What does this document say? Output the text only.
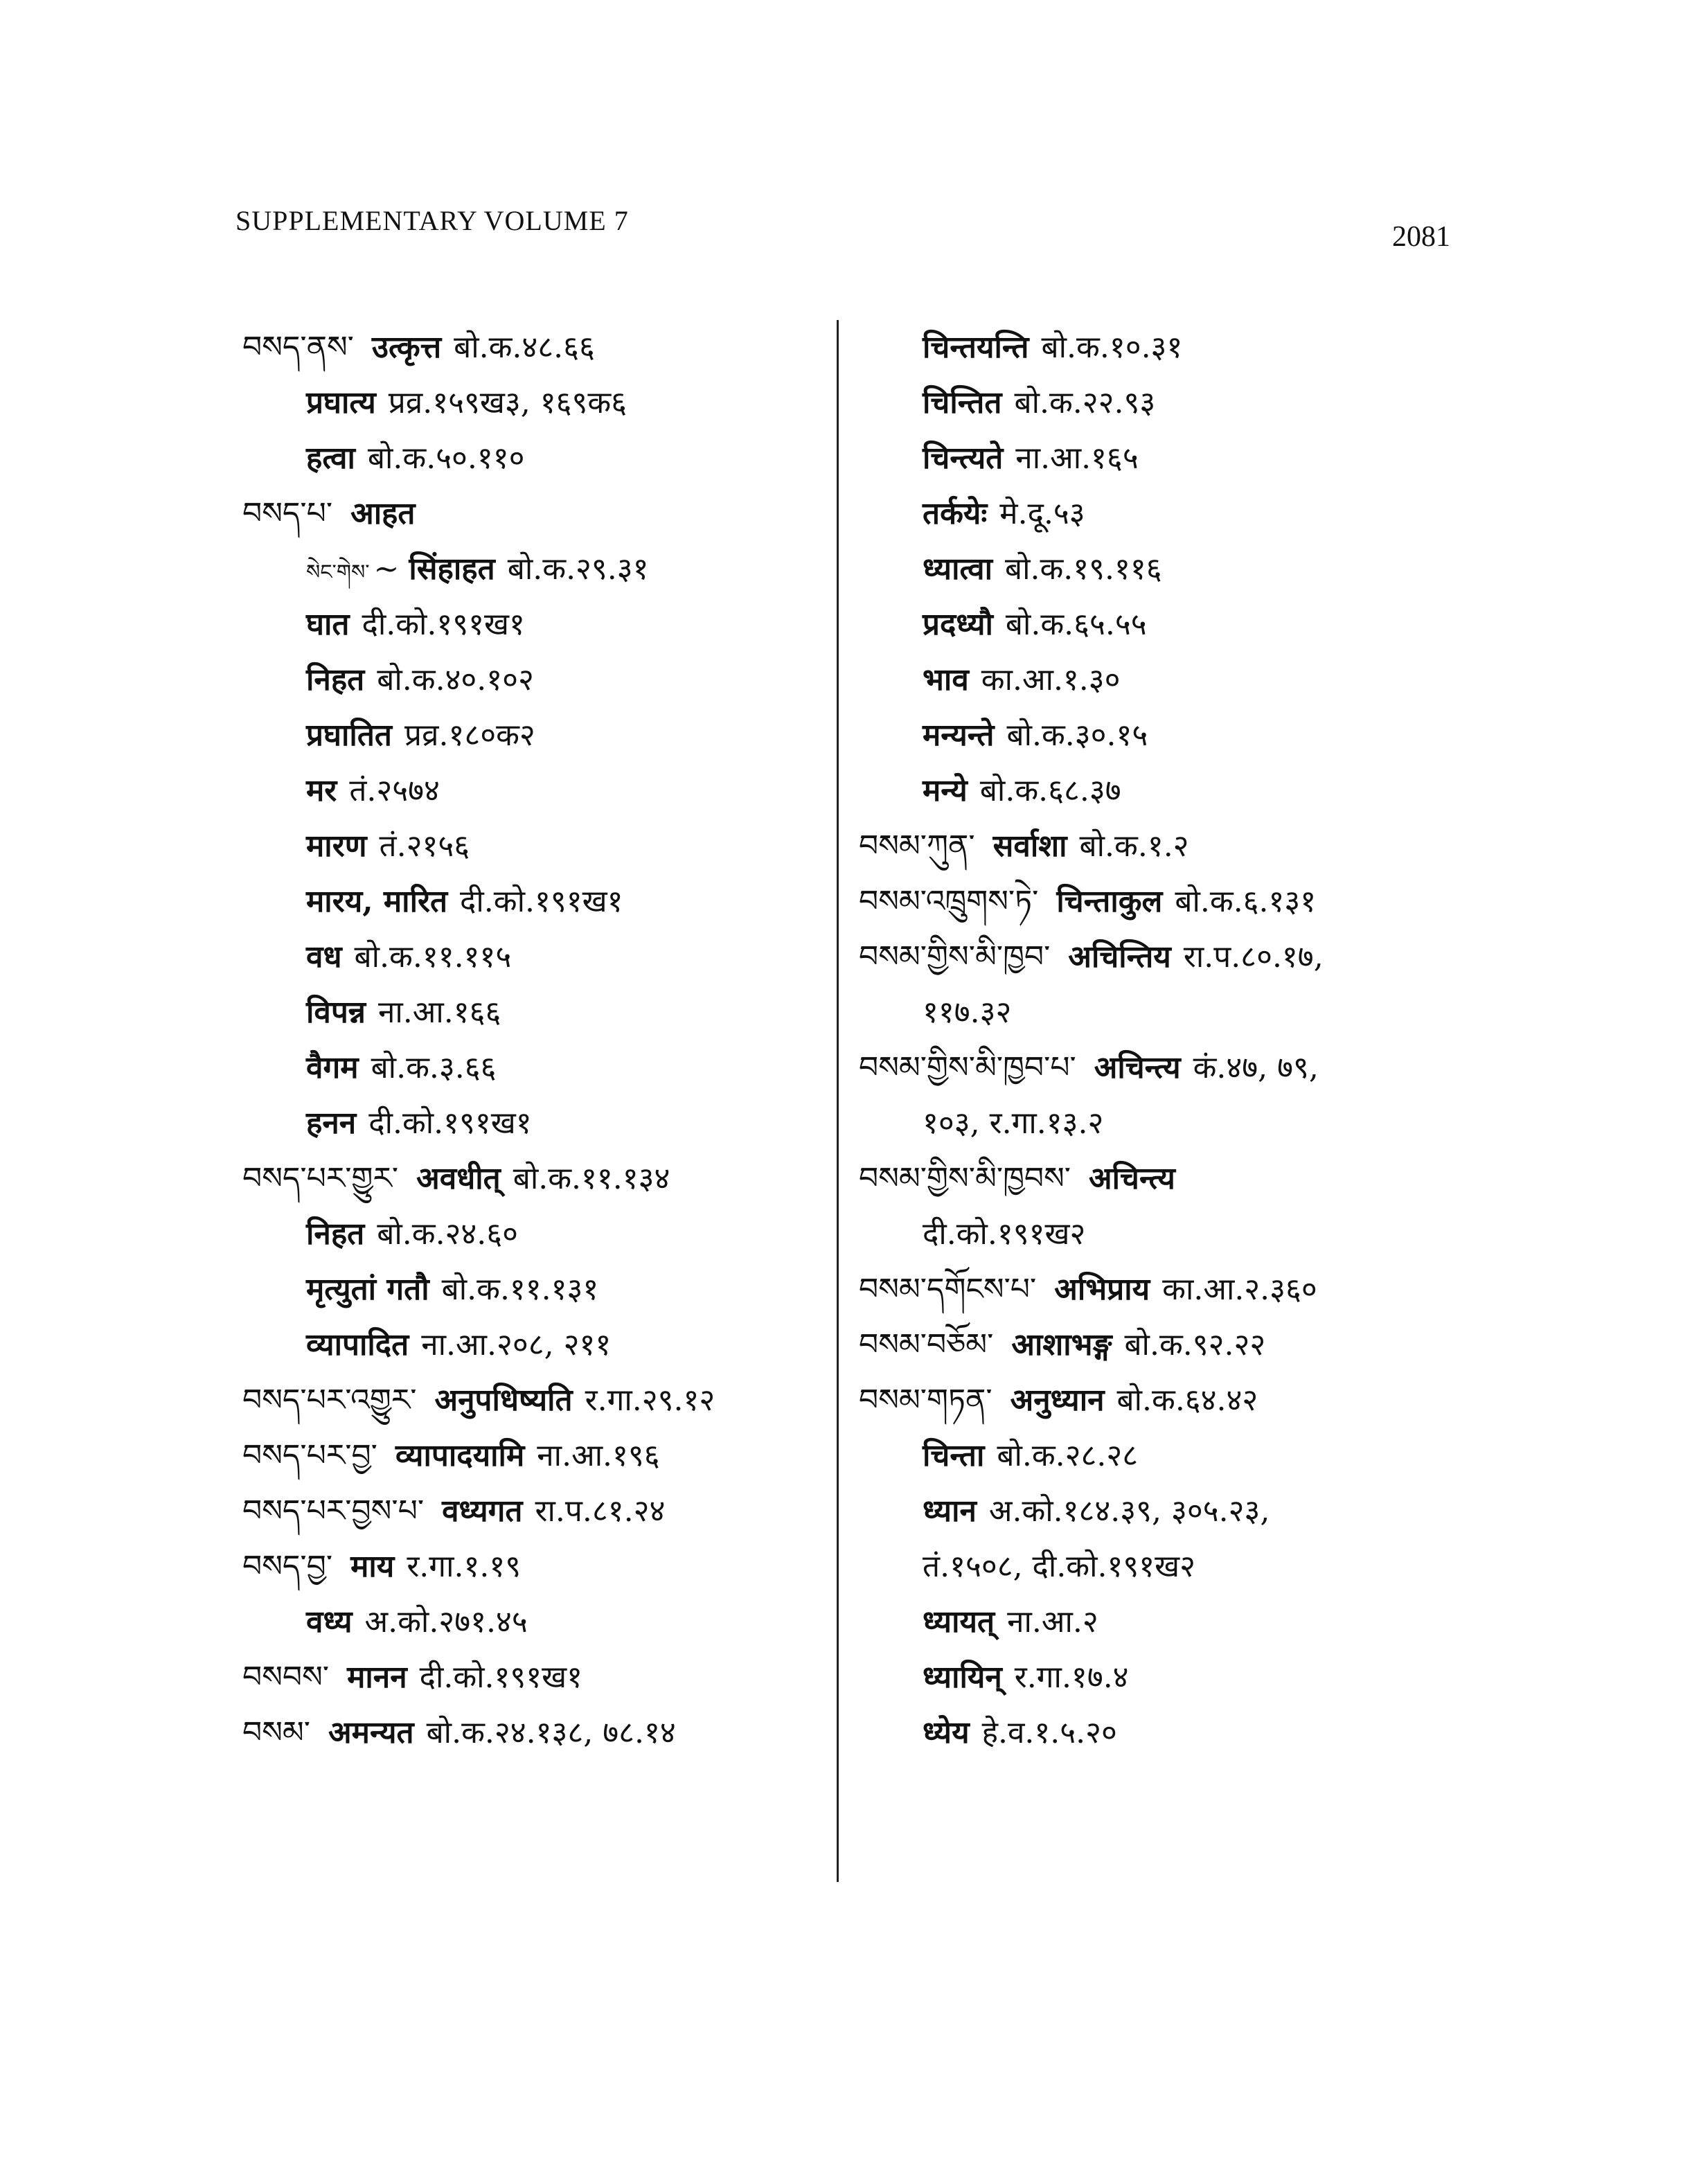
SUPPLEMENTARY VOLUME 7
2081
བསད་ནས་ उत्कृत्त बो.क.४८.६६
प्रघात्य प्रव्र.१५९ख३, १६९क६
हत्वा बो.क.५०.११०
བསད་པ་ आहत
སེང་གེས་ ~ सिंहाहत बो.क.२९.३१
घात दी.को.१९१ख१
निहत बो.क.४०.१०२
प्रघातित प्रव्र.१८०क२
मर तं.२५७४
मारण तं.२१५६
मारय, मारित दी.को.१९१ख१
वध बो.क.११.११५
विपन्न ना.आ.१६६
वैगम बो.क.३.६६
हनन दी.को.१९१ख१
བསད་པར་གྱུར་ अवधीत् बो.क.११.१३४
निहत बो.क.२४.६०
मृत्युतां गतौ बो.क.११.१३१
व्यापादित ना.आ.२०८, २११
བསད་པར་འགྱུར་ अनुपधिष्यति र.गा.२९.१२
བསད་པར་བྱ་ व्यापादयामि ना.आ.१९६
བསད་པར་བྱས་པ་ वध्यगत रा.प.८१.२४
བསད་བྱ་ माय र.गा.१.१९
वध्य अ.को.२७१.४५
བསབས་ मानन दी.को.१९१ख१
བསམ་ अमन्यत बो.क.२४.१३८, ७८.१४
चिन्तयन्ति बो.क.१०.३१
चिन्तित बो.क.२२.९३
चिन्त्यते ना.आ.१६५
तर्कयेः मे.दू.५३
ध्यात्वा बो.क.१९.११६
प्रदध्यौ बो.क.६५.५५
भाव का.आ.१.३०
मन्यन्ते बो.क.३०.१५
मन्ये बो.क.६८.३७
བསམ་ཀུན་ सर्वाशा बो.क.१.२
བསམ་འཁྲུགས་ཏེ་ चिन्ताकुल बो.क.६.१३१
བསམ་གྱིས་མི་ཁྱབ་ अचिन्तिय रा.प.८०.१७,
११७.३२
བསམ་གྱིས་མི་ཁྱབ་པ་ अचिन्त्य कं.४७, ७९,
१०३, र.गा.१३.२
བསམ་གྱིས་མི་ཁྱབས་ अचिन्त्य
दी.को.१९१ख२
བསམ་དགོངས་པ་ अभिप्राय का.आ.२.३६०
བསམ་བཅོམ་ आशाभङ्ग बो.क.९२.२२
བསམ་གཏན་ अनुध्यान बो.क.६४.४२
चिन्ता बो.क.२८.२८
ध्यान अ.को.१८४.३९, ३०५.२३,
तं.१५०८, दी.को.१९१ख२
ध्यायत् ना.आ.२
ध्यायिन् र.गा.१७.४
ध्येय हे.व.१.५.२०
